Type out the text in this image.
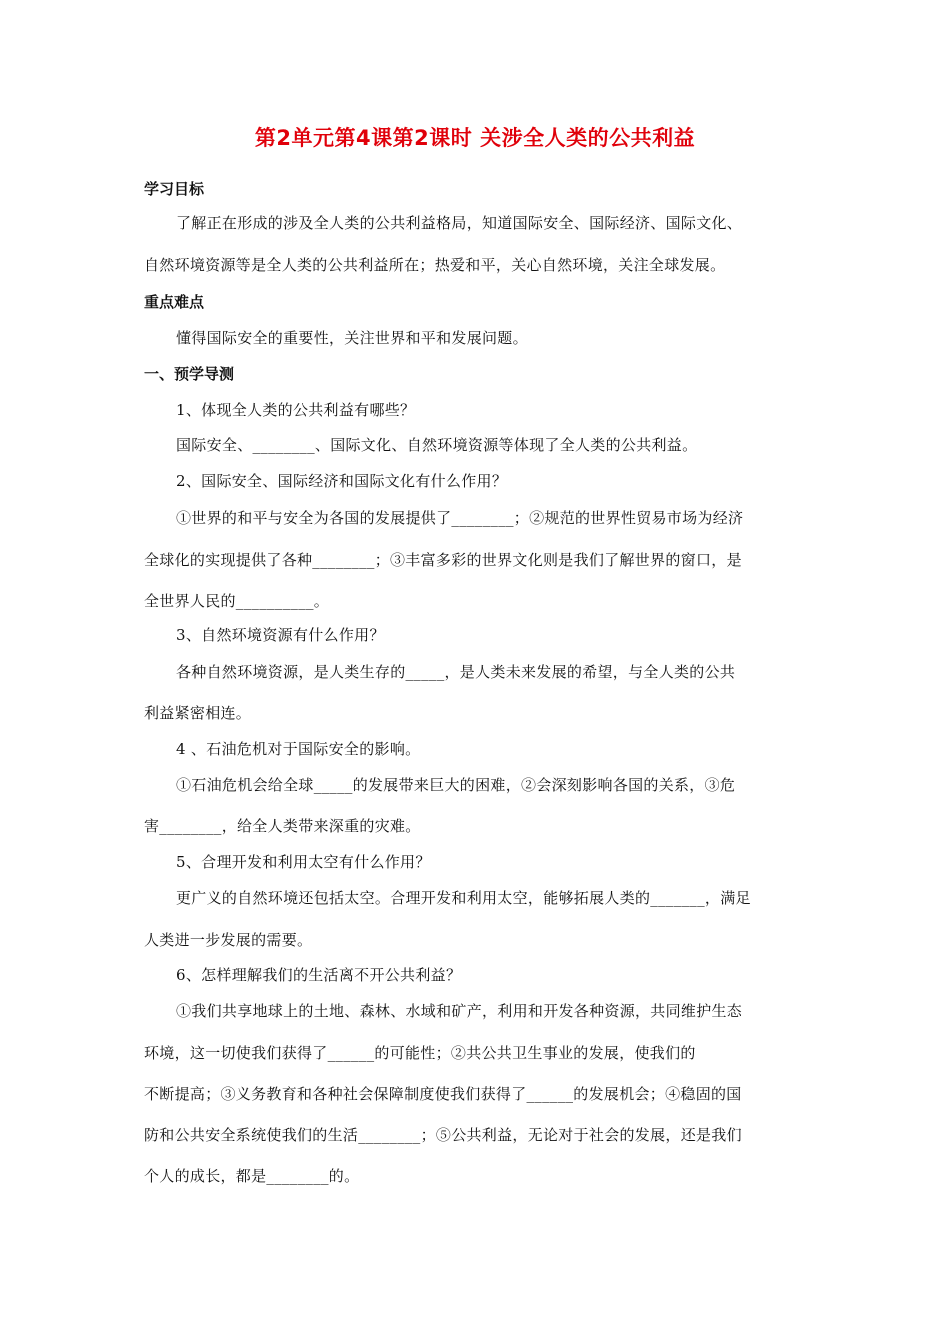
第2单元第4课第2课时 关涉全人类的公共利益
学习目标
了解正在形成的涉及全人类的公共利益格局，知道国际安全、国际经济、国际文化、
自然环境资源等是全人类的公共利益所在；热爱和平，关心自然环境，关注全球发展。
重点难点
懂得国际安全的重要性，关注世界和平和发展问题。
一、预学导测
1、体现全人类的公共利益有哪些？
国际安全、________、国际文化、自然环境资源等体现了全人类的公共利益。
2、国际安全、国际经济和国际文化有什么作用？
①世界的和平与安全为各国的发展提供了________；②规范的世界性贸易市场为经济
全球化的实现提供了各种________；③丰富多彩的世界文化则是我们了解世界的窗口，是
全世界人民的__________。
3、自然环境资源有什么作用？
各种自然环境资源，是人类生存的_____，是人类未来发展的希望，与全人类的公共
利益紧密相连。
4 、石油危机对于国际安全的影响。
①石油危机会给全球_____的发展带来巨大的困难，②会深刻影响各国的关系，③危
害________，给全人类带来深重的灾难。
5、合理开发和利用太空有什么作用？
更广义的自然环境还包括太空。合理开发和利用太空，能够拓展人类的_______，满足
人类进一步发展的需要。
6、怎样理解我们的生活离不开公共利益？
①我们共享地球上的土地、森林、水域和矿产，利用和开发各种资源，共同维护生态
环境，这一切使我们获得了______的可能性；②共公共卫生事业的发展，使我们的
不断提高；③义务教育和各种社会保障制度使我们获得了______的发展机会；④稳固的国
防和公共安全系统使我们的生活________；⑤公共利益，无论对于社会的发展，还是我们
个人的成长，都是________的。
